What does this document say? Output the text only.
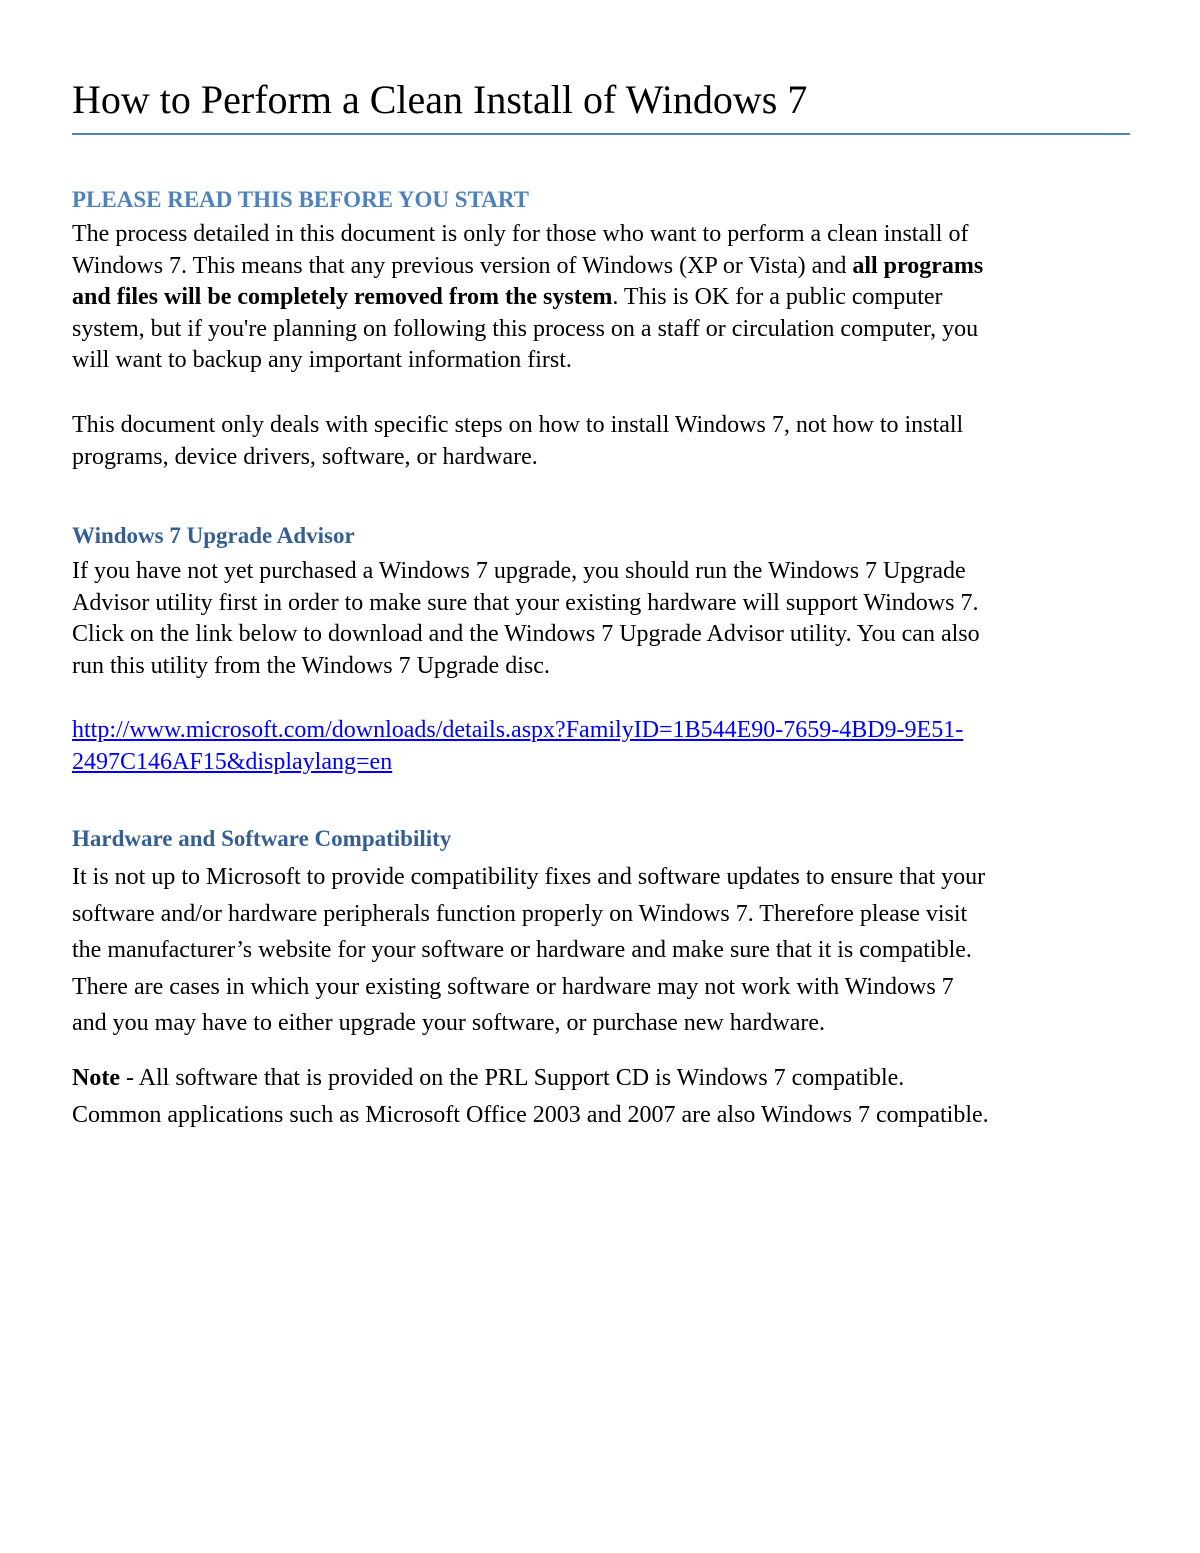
How to Perform a Clean Install of Windows 7
PLEASE READ THIS BEFORE YOU START

The process detailed in this document is only for those who want to perform a clean install of
Windows 7. This means that any previous version of Windows (XP or Vista) and all programs
and files will be completely removed from the system. This is OK for a public computer
system, but if you're planning on following this process on a staff or circulation computer, you
will want to backup any important information first.

This document only deals with specific steps on how to install Windows 7, not how to install
programs, device drivers, software, or hardware.

Windows 7 Upgrade Advisor

If you have not yet purchased a Windows 7 upgrade, you should run the Windows 7 Upgrade
Advisor utility first in order to make sure that your existing hardware will support Windows 7.
Click on the link below to download and the Windows 7 Upgrade Advisor utility. You can also
run this utility from the Windows 7 Upgrade disc.

http://www.microsoft.com/downloads/details.aspx?FamilyID=1B544E90-7659-4BD9-9E51-
2497C146AF15&displaylang=en

Hardware and Software Compatibility

It is not up to Microsoft to provide compatibility fixes and software updates to ensure that your
software and/or hardware peripherals function properly on Windows 7. Therefore please visit
the manufacturer’s website for your software or hardware and make sure that it is compatible.
There are cases in which your existing software or hardware may not work with Windows 7
and you may have to either upgrade your software, or purchase new hardware.

Note - All software that is provided on the PRL Support CD is Windows 7 compatible.
Common applications such as Microsoft Office 2003 and 2007 are also Windows 7 compatible.
